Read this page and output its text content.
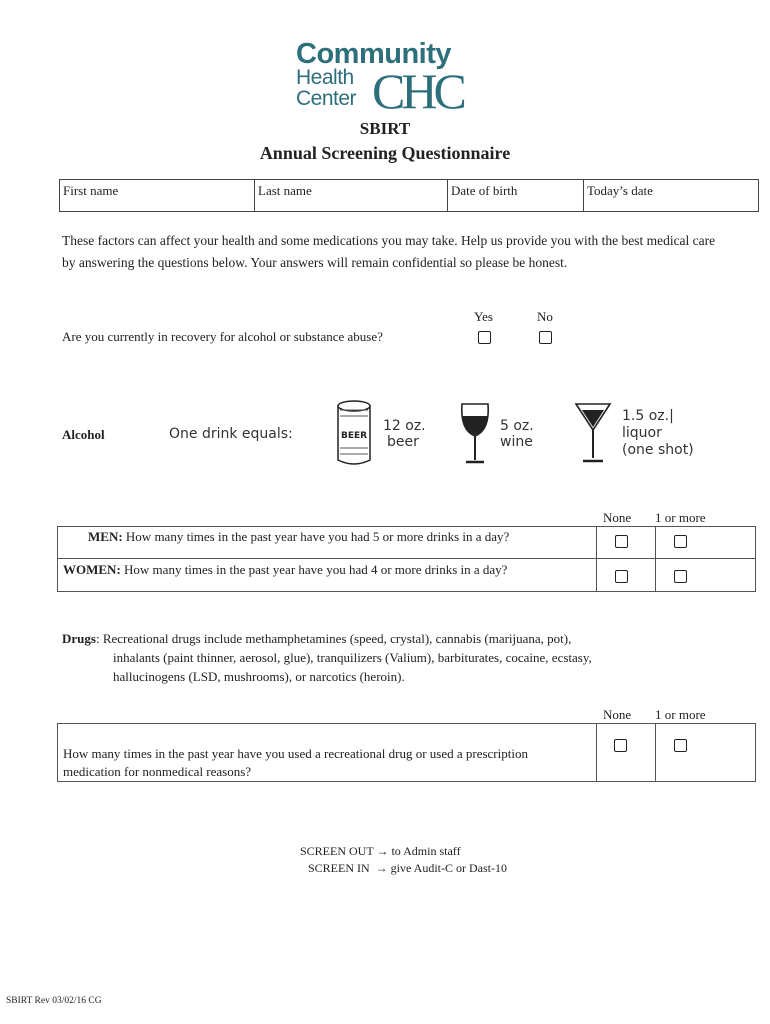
Community
Health
Center CHC
SBIRT
Annual Screening Questionnaire
First name	Last name	Date of birth	Today’s date
These factors can affect your health and some medications you may take. Help us provide you with the best medical care by answering the questions below. Your answers will remain confidential so please be honest.
Yes	No
Are you currently in recovery for alcohol or substance abuse?
Alcohol	One drink equals:	BEER
12 oz.
beer
5 oz.
wine
1.5 oz.|
liquor
(one shot)
None 1 or more
MEN: How many times in the past year have you had 5 or more drinks in a day?
WOMEN: How many times in the past year have you had 4 or more drinks in a day?
Drugs: Recreational drugs include methamphetamines (speed, crystal), cannabis (marijuana, pot),
inhalants (paint thinner, aerosol, glue), tranquilizers (Valium), barbiturates, cocaine, ecstasy,
hallucinogens (LSD, mushrooms), or narcotics (heroin).
None 1 or more
How many times in the past year have you used a recreational drug or used a prescription
medication for nonmedical reasons?
SCREEN OUT → to Admin staff
SCREEN IN  → give Audit-C or Dast-10
SBIRT Rev 03/02/16 CG
